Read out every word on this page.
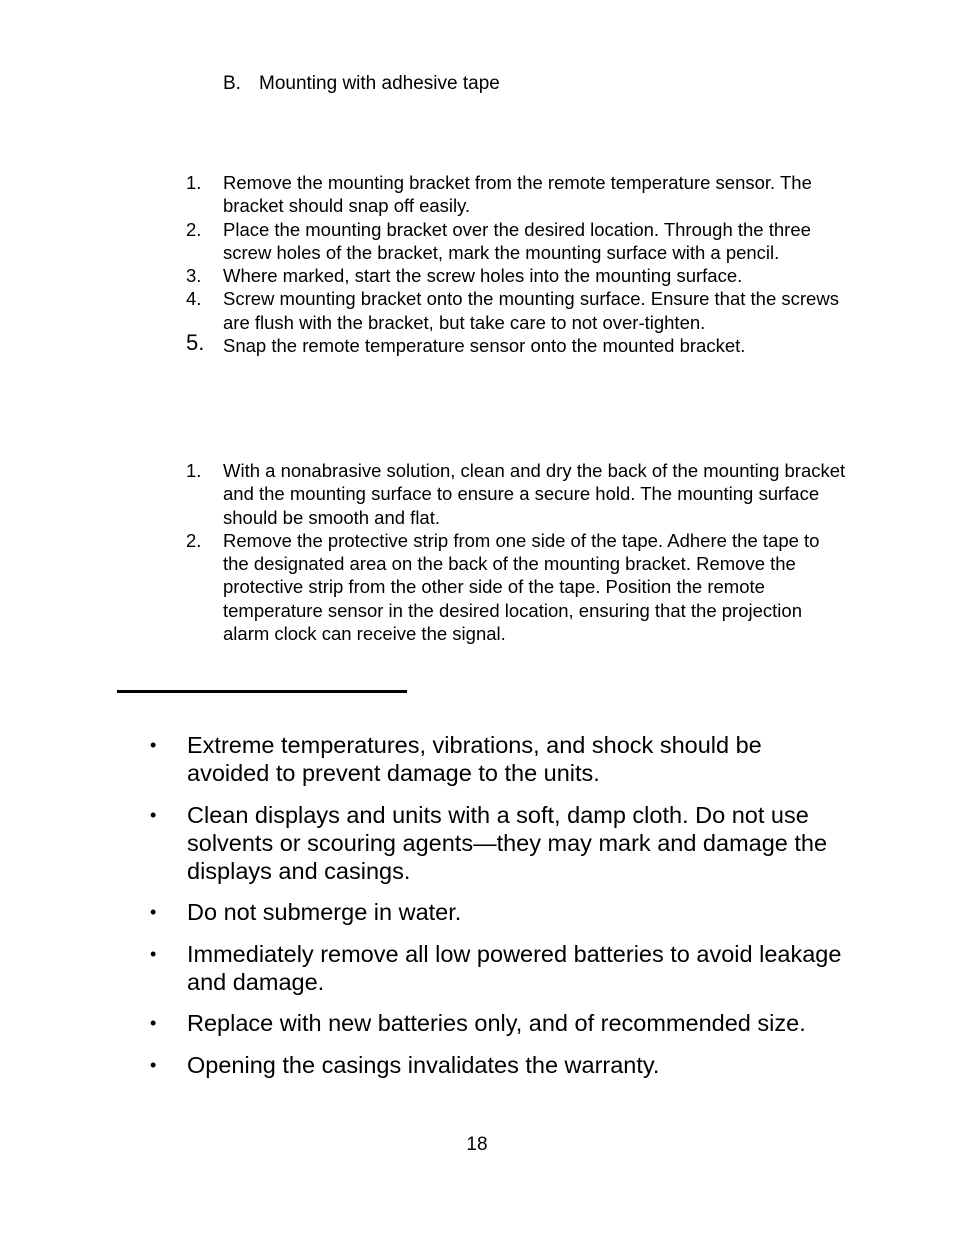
B. Mounting with adhesive tape
1. Remove the mounting bracket from the remote temperature sensor. The bracket should snap off easily.
2. Place the mounting bracket over the desired location. Through the three screw holes of the bracket, mark the mounting surface with a pencil.
3. Where marked, start the screw holes into the mounting surface.
4. Screw mounting bracket onto the mounting surface. Ensure that the screws are flush with the bracket, but take care to not over-tighten.
5. Snap the remote temperature sensor onto the mounted bracket.
1. With a nonabrasive solution, clean and dry the back of the mounting bracket and the mounting surface to ensure a secure hold. The mounting surface should be smooth and flat.
2. Remove the protective strip from one side of the tape. Adhere the tape to the designated area on the back of the mounting bracket. Remove the protective strip from the other side of the tape. Position the remote temperature sensor in the desired location, ensuring that the projection alarm clock can receive the signal.
• Extreme temperatures, vibrations, and shock should be avoided to prevent damage to the units.
• Clean displays and units with a soft, damp cloth. Do not use solvents or scouring agents—they may mark and damage the displays and casings.
• Do not submerge in water.
• Immediately remove all low powered batteries to avoid leakage and damage.
• Replace with new batteries only, and of recommended size.
• Opening the casings invalidates the warranty.
18
